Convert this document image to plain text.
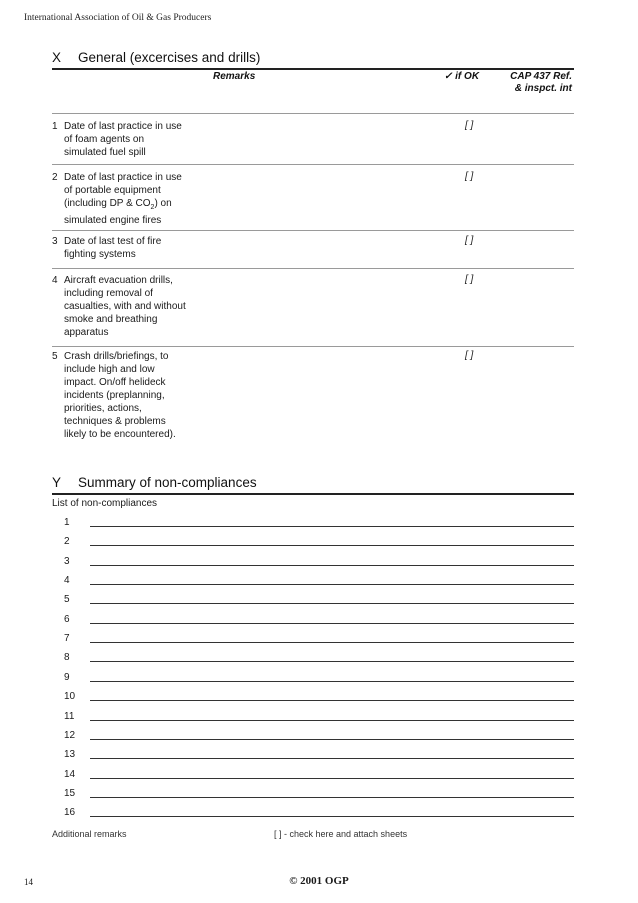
International Association of Oil & Gas Producers
X General (excercises and drills)
Remarks	✓ if OK	CAP 437 Ref.
& inspct. int
1 Date of last practice in use
of foam agents on
simulated fuel spill
[ ]
2 Date of last practice in use
of portable equipment
(including DP & $CO_2$) on
simulated engine fires
[ ]
3 Date of last test of fire
fighting systems
[ ]
4 Aircraft evacuation drills,
including removal of
casualties, with and without
smoke and breathing
apparatus
[ ]
5 Crash drills/briefings, to
include high and low
impact. On/off helideck
incidents (preplanning,
priorities, actions,
techniques & problems
likely to be encountered).
[ ]
Y Summary of non-compliances
List of non-compliances
1
2
3
4
5
6
7
8
9
10
11
12
13
14
15
16
Additional remarks	[ ] - check here and attach sheets
14	© 2001 OGP
